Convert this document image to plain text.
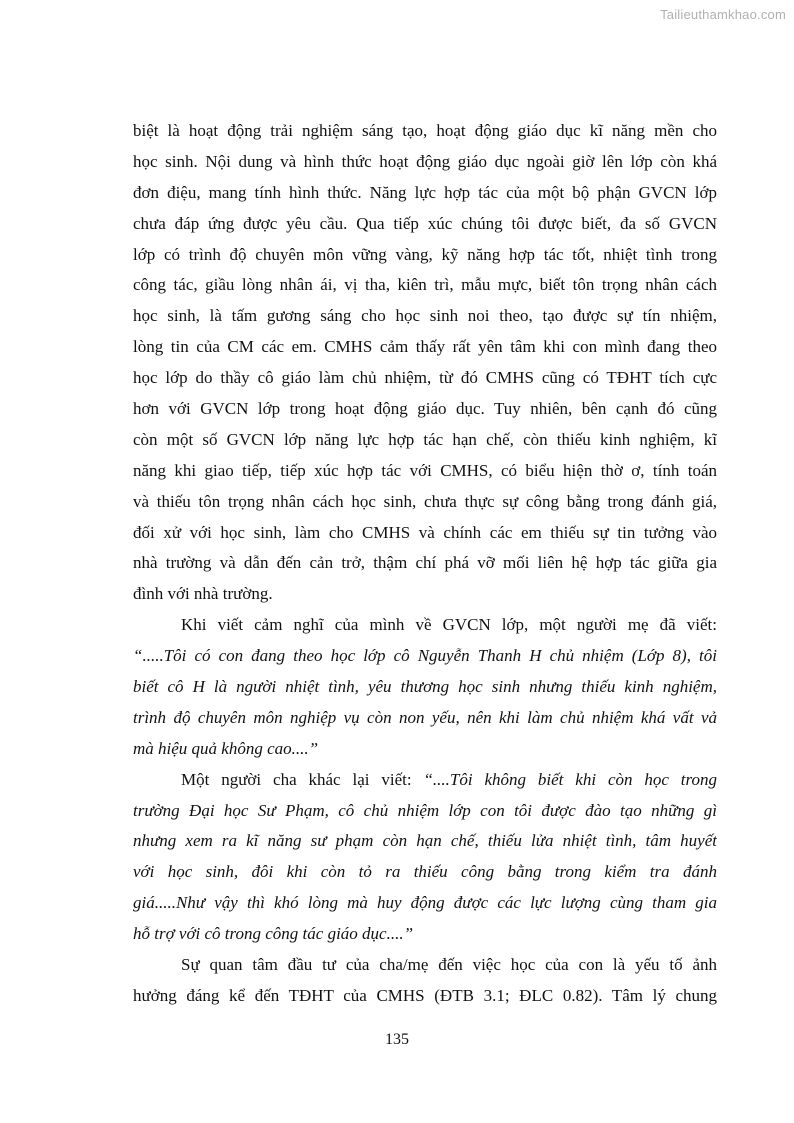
Tailieuthamkhao.com
biệt là hoạt động trải nghiệm sáng tạo, hoạt động giáo dục kĩ năng mền cho
học sinh. Nội dung và hình thức hoạt động giáo dục ngoài giờ lên lớp còn khá
đơn điệu, mang tính hình thức. Năng lực hợp tác của một bộ phận GVCN lớp
chưa đáp ứng được yêu cầu. Qua tiếp xúc chúng tôi được biết, đa số GVCN
lớp có trình độ chuyên môn vững vàng, kỹ năng hợp tác tốt, nhiệt tình trong
công tác, giầu lòng nhân ái, vị tha, kiên trì, mẫu mực, biết tôn trọng nhân cách
học sinh, là tấm gương sáng cho học sinh noi theo, tạo được sự tín nhiệm,
lòng tin của CM các em. CMHS cảm thấy rất yên tâm khi con mình đang theo
học lớp do thầy cô giáo làm chủ nhiệm, từ đó CMHS cũng có TĐHT tích cực
hơn với GVCN lớp trong hoạt động giáo dục. Tuy nhiên, bên cạnh đó cũng
còn một số GVCN lớp năng lực hợp tác hạn chế, còn thiếu kinh nghiệm, kĩ
năng khi giao tiếp, tiếp xúc hợp tác với CMHS, có biểu hiện thờ ơ, tính toán
và thiếu tôn trọng nhân cách học sinh, chưa thực sự công bằng trong đánh giá,
đối xử với học sinh, làm cho CMHS và chính các em thiếu sự tin tưởng vào
nhà trường và dẫn đến cản trở, thậm chí phá vỡ mối liên hệ hợp tác giữa gia
đình với nhà trường.
Khi viết cảm nghĩ của mình về GVCN lớp, một người mẹ đã viết:
“.....Tôi có con đang theo học lớp cô Nguyễn Thanh H chủ nhiệm (Lớp 8), tôi
biết cô H là người nhiệt tình, yêu thương học sinh nhưng thiếu kinh nghiệm,
trình độ chuyên môn nghiệp vụ còn non yếu, nên khi làm chủ nhiệm khá vất vả
mà hiệu quả không cao....”
Một người cha khác lại viết: “....Tôi không biết khi còn học trong
trường Đại học Sư Phạm, cô chủ nhiệm lớp con tôi được đào tạo những gì
nhưng xem ra kĩ năng sư phạm còn hạn chế, thiếu lửa nhiệt tình, tâm huyết
với học sinh, đôi khi còn tỏ ra thiếu công bằng trong kiểm tra đánh
giá.....Như vậy thì khó lòng mà huy động được các lực lượng cùng tham gia
hỗ trợ với cô trong công tác giáo dục....”
Sự quan tâm đầu tư của cha/mẹ đến việc học của con là yếu tố ảnh
hưởng đáng kể đến TĐHT của CMHS (ĐTB 3.1; ĐLC 0.82). Tâm lý chung
135
